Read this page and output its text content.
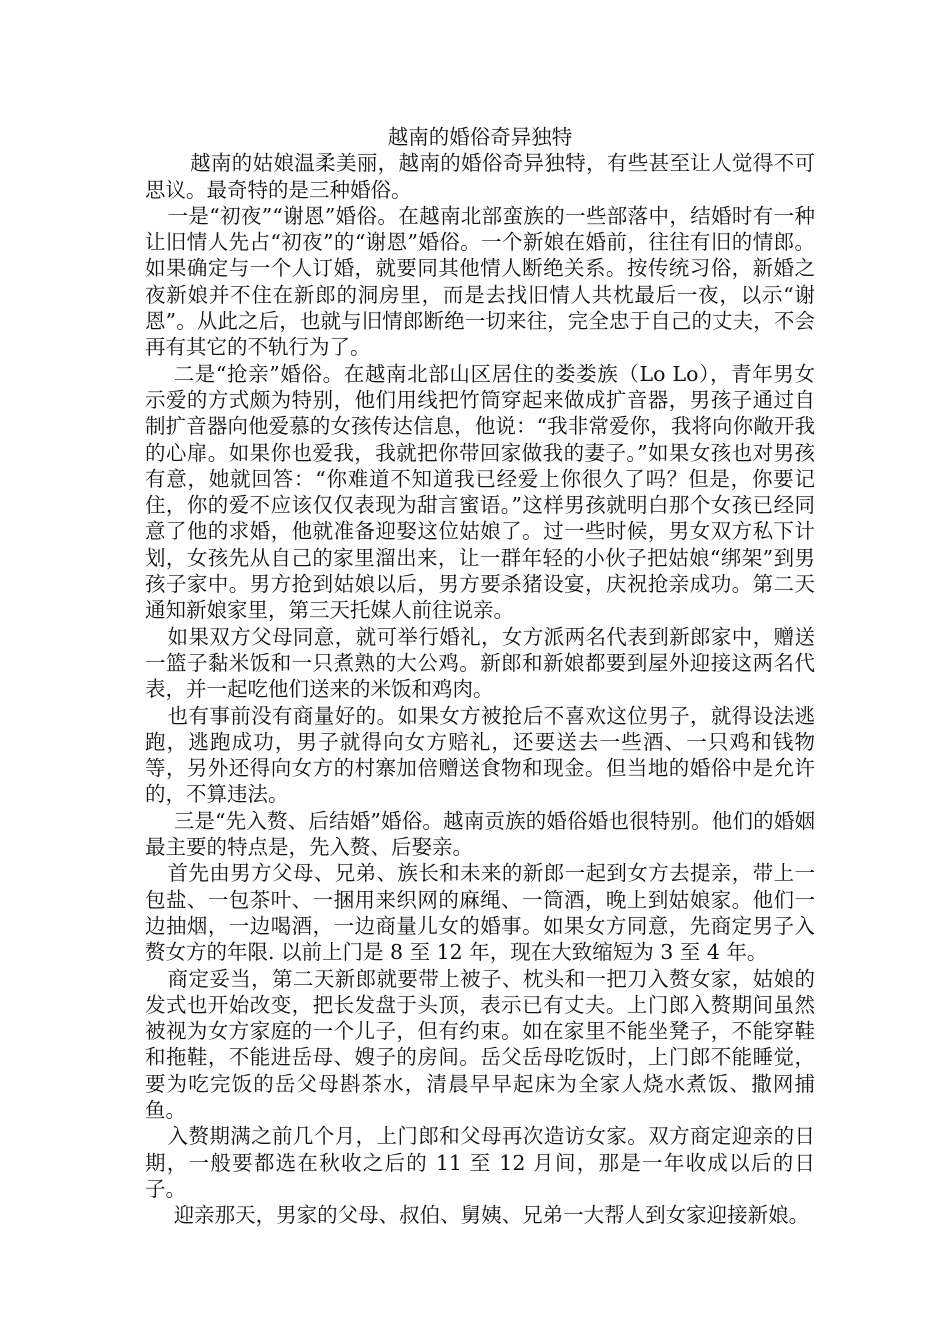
越南的婚俗奇异独特

越南的姑娘温柔美丽，越南的婚俗奇异独特，有些甚至让人觉得不可思议。最奇特的是三种婚俗。

一是“初夜”“谢恩”婚俗。在越南北部蛮族的一些部落中，结婚时有一种让旧情人先占“初夜”的“谢恩”婚俗。一个新娘在婚前，往往有旧的情郎。如果确定与一个人订婚，就要同其他情人断绝关系。按传统习俗，新婚之夜新娘并不住在新郎的洞房里，而是去找旧情人共枕最后一夜，以示“谢恩”。从此之后，也就与旧情郎断绝一切来往，完全忠于自己的丈夫，不会再有其它的不轨行为了。

二是“抢亲”婚俗。在越南北部山区居住的娄娄族（Lo Lo），青年男女示爱的方式颇为特别，他们用线把竹筒穿起来做成扩音器，男孩子通过自制扩音器向他爱慕的女孩传达信息，他说：“我非常爱你，我将向你敞开我的心扉。如果你也爱我，我就把你带回家做我的妻子。”如果女孩也对男孩有意，她就回答：“你难道不知道我已经爱上你很久了吗？但是，你要记住，你的爱不应该仅仅表现为甜言蜜语。”这样男孩就明白那个女孩已经同意了他的求婚，他就准备迎娶这位姑娘了。过一些时候，男女双方私下计划，女孩先从自己的家里溜出来，让一群年轻的小伙子把姑娘“绑架”到男孩子家中。男方抢到姑娘以后，男方要杀猪设宴，庆祝抢亲成功。第二天通知新娘家里，第三天托媒人前往说亲。

如果双方父母同意，就可举行婚礼，女方派两名代表到新郎家中，赠送一篮子黏米饭和一只煮熟的大公鸡。新郎和新娘都要到屋外迎接这两名代表，并一起吃他们送来的米饭和鸡肉。

也有事前没有商量好的。如果女方被抢后不喜欢这位男子，就得设法逃跑，逃跑成功，男子就得向女方赔礼，还要送去一些酒、一只鸡和钱物等，另外还得向女方的村寨加倍赠送食物和现金。但当地的婚俗中是允许的，不算违法。

三是“先入赘、后结婚”婚俗。越南贡族的婚俗婚也很特别。他们的婚姻最主要的特点是，先入赘、后娶亲。

首先由男方父母、兄弟、族长和未来的新郎一起到女方去提亲，带上一包盐、一包茶叶、一捆用来织网的麻绳、一筒酒，晚上到姑娘家。他们一边抽烟，一边喝酒，一边商量儿女的婚事。如果女方同意，先商定男子入赘女方的年限. 以前上门是 8 至 12 年，现在大致缩短为 3 至 4 年。

商定妥当，第二天新郎就要带上被子、枕头和一把刀入赘女家，姑娘的发式也开始改变，把长发盘于头顶，表示已有丈夫。上门郎入赘期间虽然被视为女方家庭的一个儿子，但有约束。如在家里不能坐凳子，不能穿鞋和拖鞋，不能进岳母、嫂子的房间。岳父岳母吃饭时，上门郎不能睡觉，要为吃完饭的岳父母斟茶水，清晨早早起床为全家人烧水煮饭、撒网捕鱼。

入赘期满之前几个月，上门郎和父母再次造访女家。双方商定迎亲的日期，一般要都选在秋收之后的 11 至 12 月间，那是一年收成以后的日子。

迎亲那天，男家的父母、叔伯、舅姨、兄弟一大帮人到女家迎接新娘。
